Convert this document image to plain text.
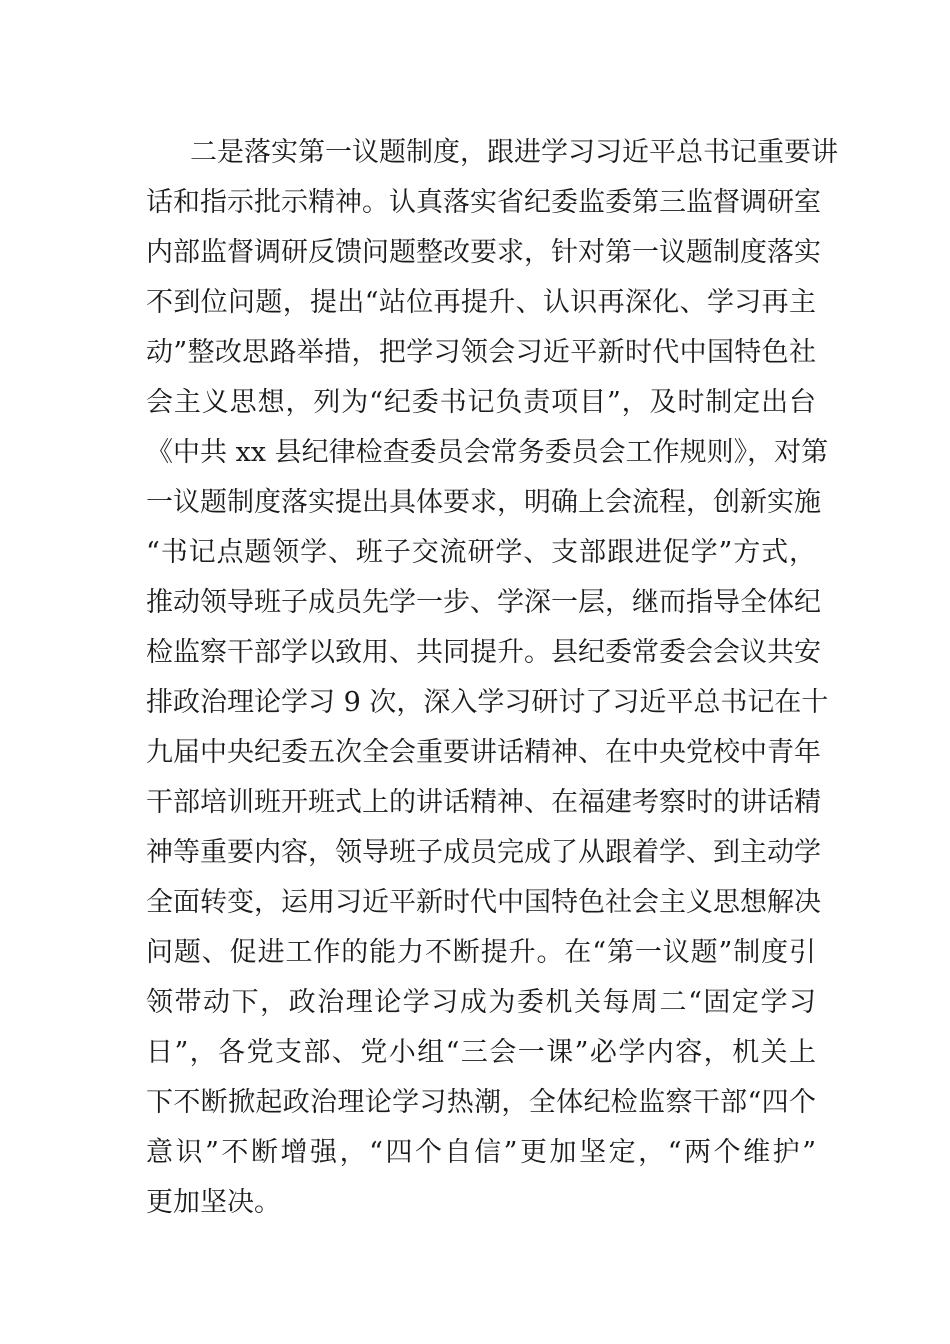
二是落实第一议题制度，跟进学习习近平总书记重要讲
话和指示批示精神。认真落实省纪委监委第三监督调研室
内部监督调研反馈问题整改要求，针对第一议题制度落实
不到位问题，提出“站位再提升、认识再深化、学习再主
动”整改思路举措，把学习领会习近平新时代中国特色社
会主义思想，列为“纪委书记负责项目”，及时制定出台
《中共 xx 县纪律检查委员会常务委员会工作规则》，对第
一议题制度落实提出具体要求，明确上会流程，创新实施
“书记点题领学、班子交流研学、支部跟进促学”方式，
推动领导班子成员先学一步、学深一层，继而指导全体纪
检监察干部学以致用、共同提升。县纪委常委会会议共安
排政治理论学习 9 次，深入学习研讨了习近平总书记在十
九届中央纪委五次全会重要讲话精神、在中央党校中青年
干部培训班开班式上的讲话精神、在福建考察时的讲话精
神等重要内容，领导班子成员完成了从跟着学、到主动学
全面转变，运用习近平新时代中国特色社会主义思想解决
问题、促进工作的能力不断提升。在“第一议题”制度引
领带动下，政治理论学习成为委机关每周二“固定学习
日”，各党支部、党小组“三会一课”必学内容，机关上
下不断掀起政治理论学习热潮，全体纪检监察干部“四个
意识”不断增强，“四个自信”更加坚定，“两个维护”
更加坚决。
